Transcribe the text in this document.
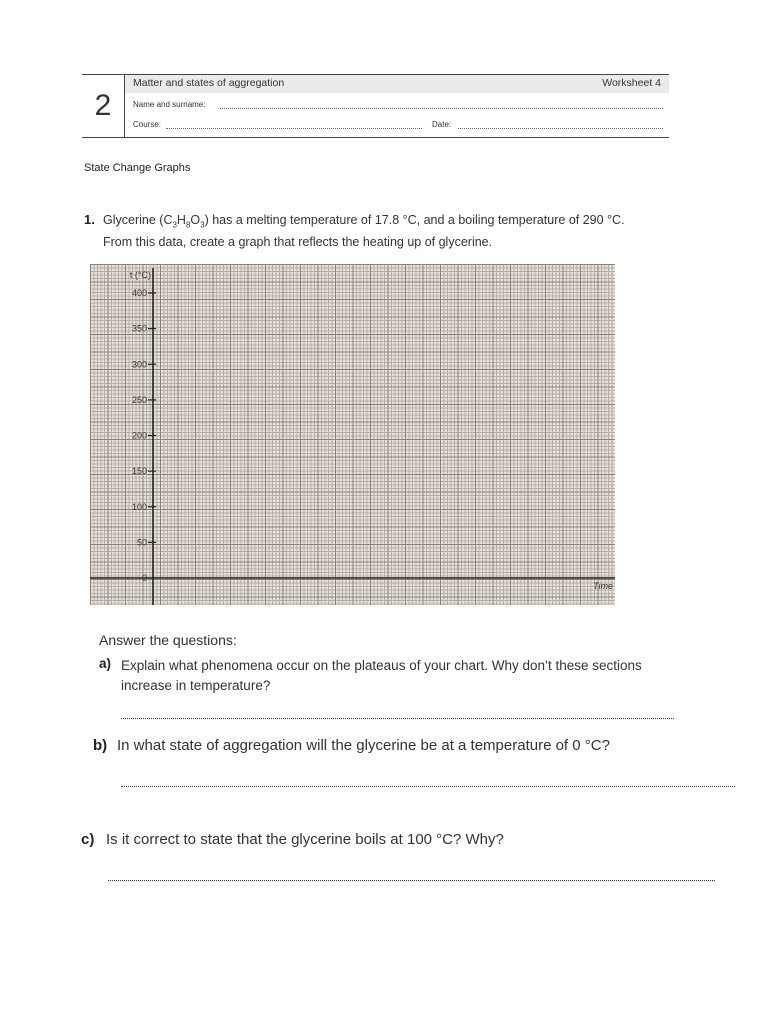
2
Matter and states of aggregation	Worksheet 4
Name and surname:
Course:	Date:
State Change Graphs
1. Glycerine $(C_3H_8O_3)$ has a melting temperature of 17.8 °C, and a boiling temperature of 290 °C. From this data, create a graph that reflects the heating up of glycerine.
t (°C)
400
350
300
250
200
150
100
50
0
Time
Answer the questions:
a) Explain what phenomena occur on the plateaus of your chart. Why don’t these sections increase in temperature?
b) In what state of aggregation will the glycerine be at a temperature of 0 °C?
c) Is it correct to state that the glycerine boils at 100 °C? Why?
